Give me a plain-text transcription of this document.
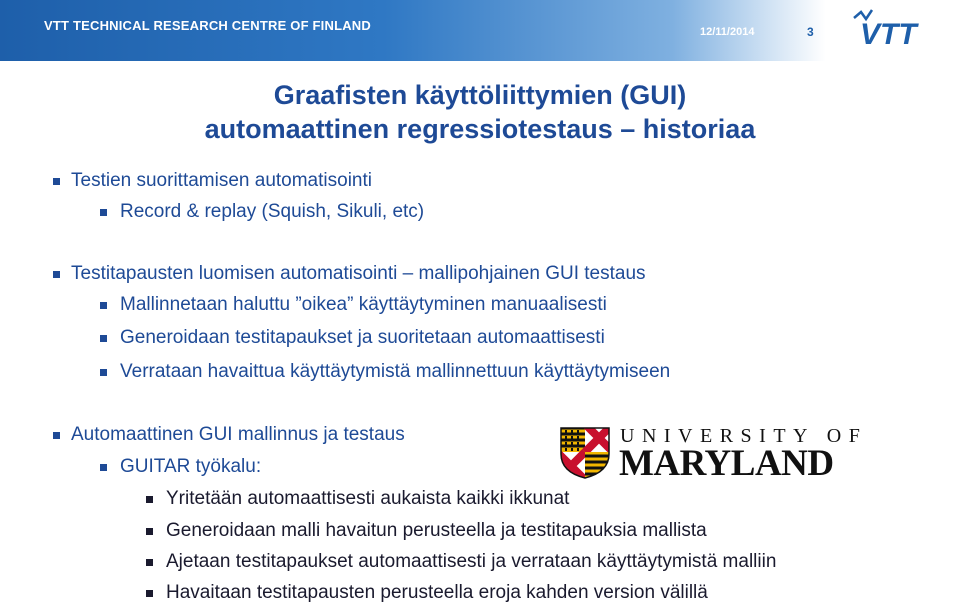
VTT TECHNICAL RESEARCH CENTRE OF FINLAND	12/11/2014	3 VTT
Graafisten käyttöliittymien (GUI)
automaattinen regressiotestaus – historiaa
Testien suorittamisen automatisointi
Record & replay (Squish, Sikuli, etc)
Testitapausten luomisen automatisointi – mallipohjainen GUI testaus
Mallinnetaan haluttu ”oikea” käyttäytyminen manuaalisesti
Generoidaan testitapaukset ja suoritetaan automaattisesti
Verrataan havaittua käyttäytymistä mallinnettuun käyttäytymiseen
Automaattinen GUI mallinnus ja testaus
GUITAR työkalu:
Yritetään automaattisesti aukaista kaikki ikkunat
Generoidaan malli havaitun perusteella ja testitapauksia mallista
Ajetaan testitapaukset automaattisesti ja verrataan käyttäytymistä malliin
Havaitaan testitapausten perusteella eroja kahden version välillä
UNIVERSITY OF
MARYLAND
